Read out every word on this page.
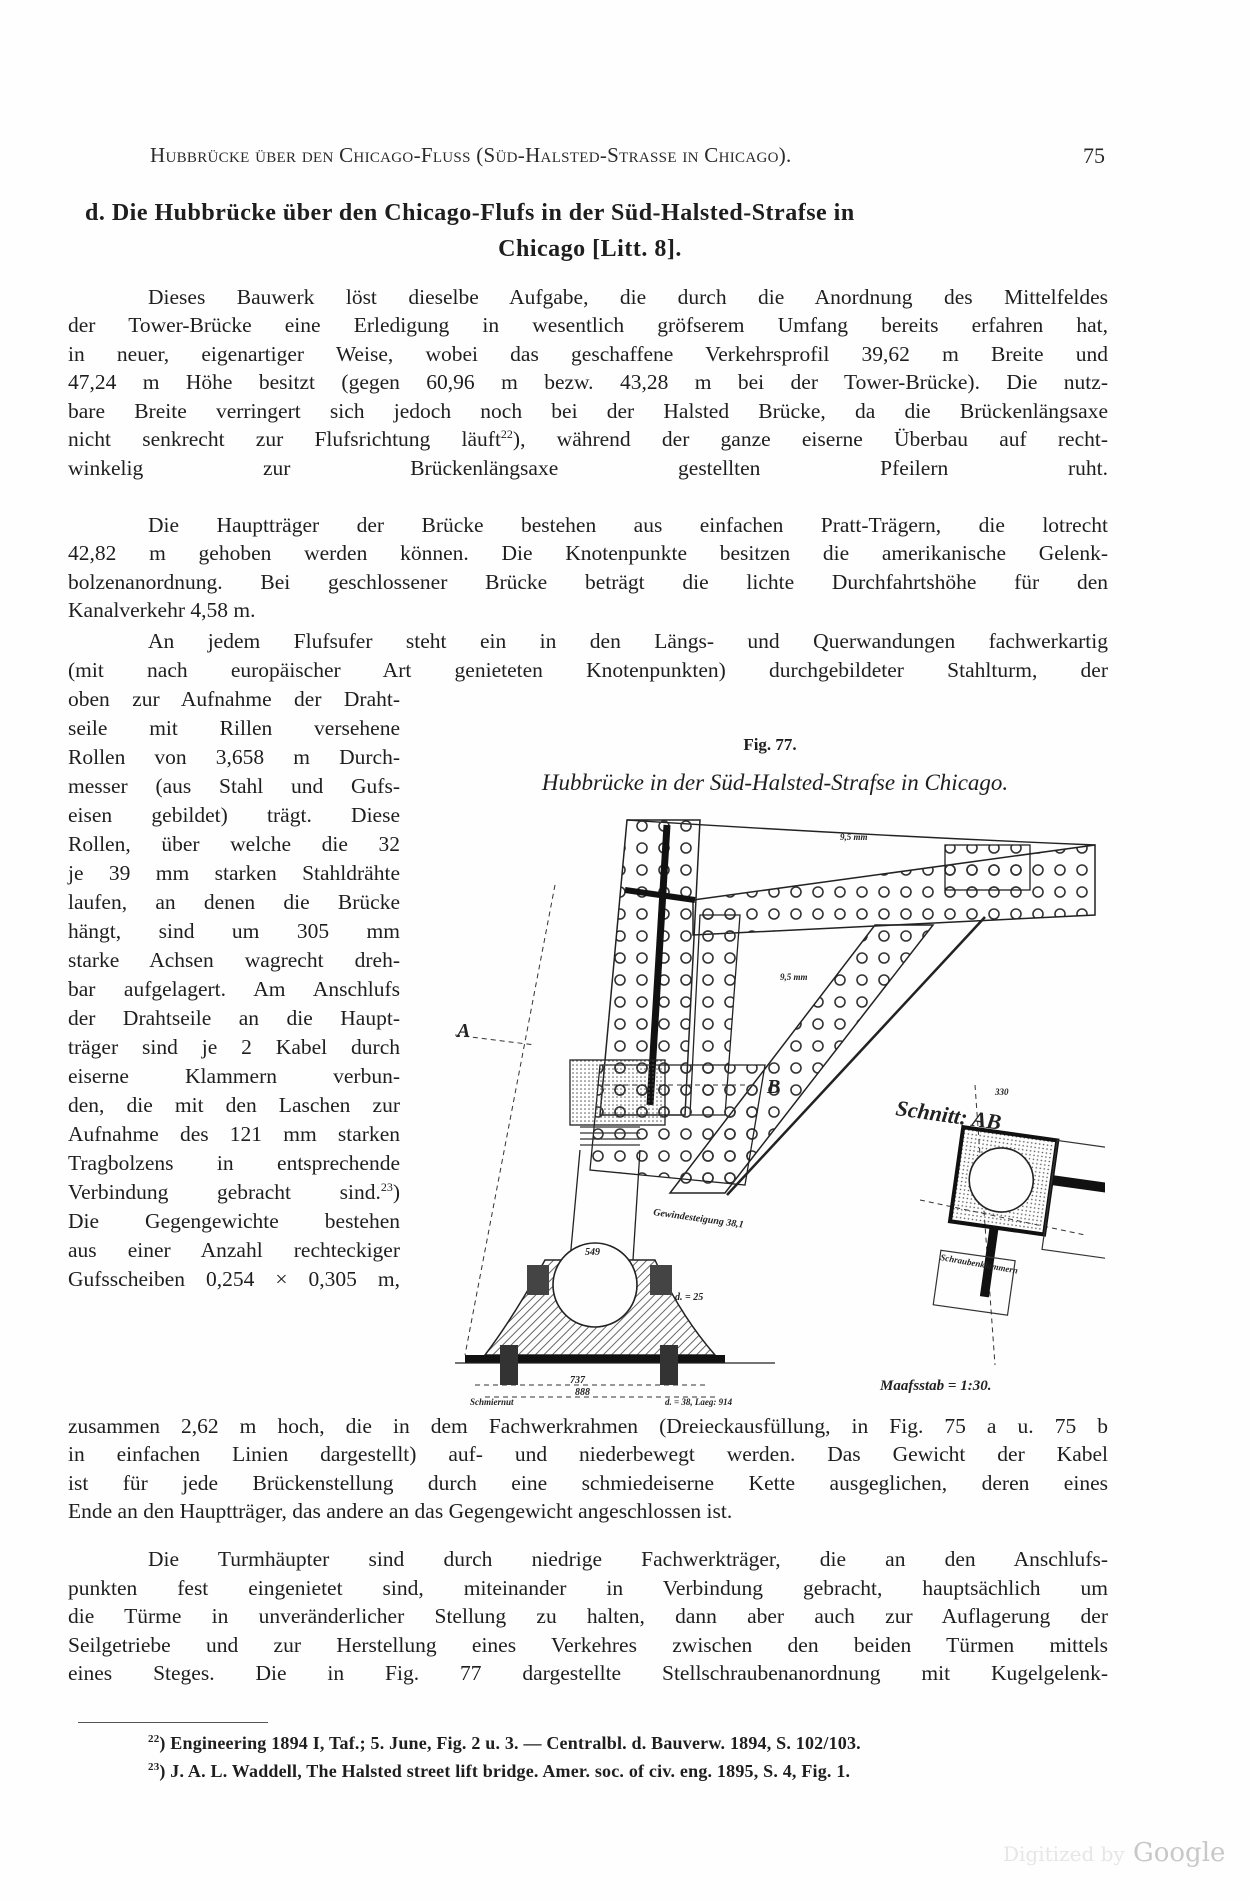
Hubbrücke über den Chicago-Fluss (Süd-Halsted-Strasse in Chicago).	75
d. Die Hubbrücke über den Chicago-Flufs in der Süd-Halsted-Strafse in
Chicago [Litt. 8].
Dieses Bauwerk löst dieselbe Aufgabe, die durch die Anordnung des Mittelfeldes
der Tower-Brücke eine Erledigung in wesentlich gröfserem Umfang bereits erfahren hat,
in neuer, eigenartiger Weise, wobei das geschaffene Verkehrsprofil 39,62 m Breite und
47,24 m Höhe besitzt (gegen 60,96 m bezw. 43,28 m bei der Tower-Brücke). Die nutz-
bare Breite verringert sich jedoch noch bei der Halsted Brücke, da die Brückenlängsaxe
nicht senkrecht zur Flufsrichtung läuft$^{22}$), während der ganze eiserne Überbau auf recht-
winkelig zur Brückenlängsaxe gestellten Pfeilern ruht.
Die Hauptträger der Brücke bestehen aus einfachen Pratt-Trägern, die lotrecht
42,82 m gehoben werden können. Die Knotenpunkte besitzen die amerikanische Gelenk-
bolzenanordnung. Bei geschlossener Brücke beträgt die lichte Durchfahrtshöhe für den
Kanalverkehr 4,58 m.
An jedem Flufsufer steht ein in den Längs- und Querwandungen fachwerkartig
(mit nach europäischer Art genieteten Knotenpunkten) durchgebildeter Stahlturm, der
oben zur Aufnahme der Draht-
seile mit Rillen versehene
Rollen von 3,658 m Durch-
messer (aus Stahl und Gufs-
eisen gebildet) trägt. Diese
Rollen, über welche die 32
je 39 mm starken Stahldrähte
laufen, an denen die Brücke
hängt, sind um 305 mm
starke Achsen wagrecht dreh-
bar aufgelagert. Am Anschlufs
der Drahtseile an die Haupt-
träger sind je 2 Kabel durch
eiserne Klammern verbun-
den, die mit den Laschen zur
Aufnahme des 121 mm starken
Tragbolzens in entsprechende
Verbindung gebracht sind.$^{23}$)
Die Gegengewichte bestehen
aus einer Anzahl rechteckiger
Gufsscheiben 0,254 × 0,305 m,
zusammen 2,62 m hoch, die in dem Fachwerkrahmen (Dreieckausfüllung, in Fig. 75 a u. 75 b
in einfachen Linien dargestellt) auf- und niederbewegt werden. Das Gewicht der Kabel
ist für jede Brückenstellung durch eine schmiedeiserne Kette ausgeglichen, deren eines
Ende an den Hauptträger, das andere an das Gegengewicht angeschlossen ist.
Die Turmhäupter sind durch niedrige Fachwerkträger, die an den Anschlufs-
punkten fest eingenietet sind, miteinander in Verbindung gebracht, hauptsächlich um
die Türme in unveränderlicher Stellung zu halten, dann aber auch zur Auflagerung der
Seilgetriebe und zur Herstellung eines Verkehres zwischen den beiden Türmen mittels
eines Steges. Die in Fig. 77 dargestellte Stellschraubenanordnung mit Kugelgelenk-
Fig. 77.
Hubbrücke in der Süd-Halsted-Strafse in Chicago.
A
B
Schnitt: AB
Maafsstab = 1:30.
Gewindesteigung 38,1
d. = 25
Schraubenklammern
Schmiernut	d. = 38, Laeg: 914
9,5 mm
9,5 mm
737
888
549
330
$^{22}$) Engineering 1894 I, Taf.; 5. June, Fig. 2 u. 3. — Centralbl. d. Bauverw. 1894, S. 102/103.
$^{23}$) J. A. L. Waddell, The Halsted street lift bridge. Amer. soc. of civ. eng. 1895, S. 4, Fig. 1.
Digitized by Google
